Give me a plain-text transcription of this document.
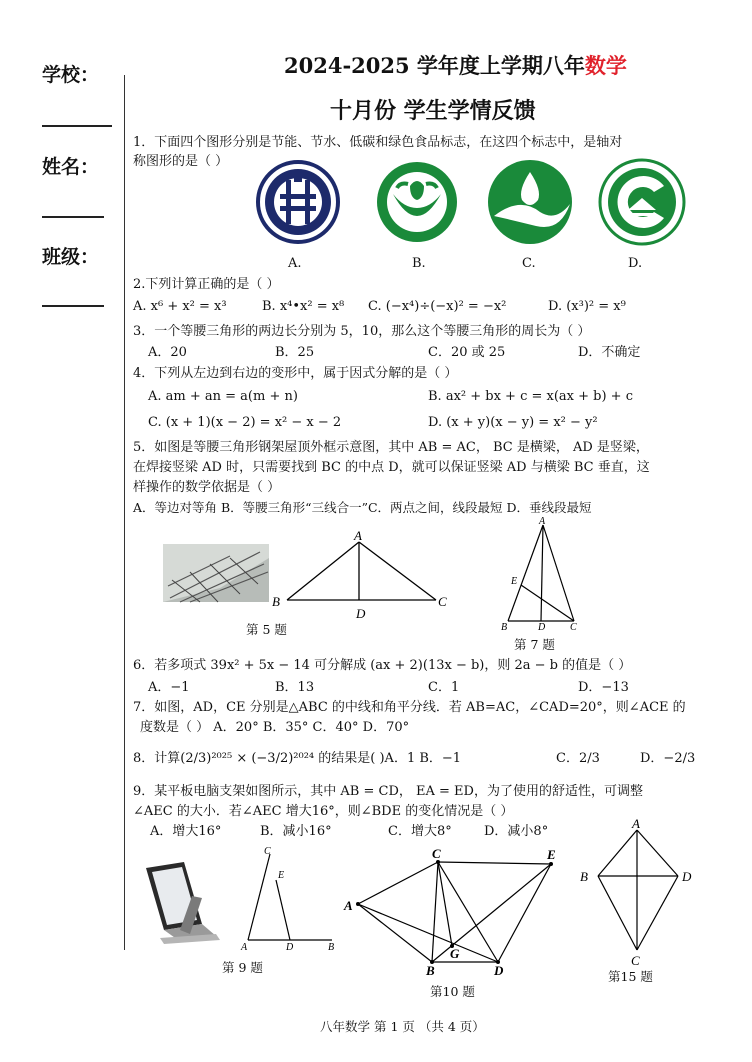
学校：
姓名：
班级：
2024-2025 学年度上学期八年数学
十月份 学生学情反馈
1．下面四个图形分别是节能、节水、低碳和绿色食品标志，在这四个标志中，是轴对
称图形的是（ ）
A.	B.	C.	D.
2.下列计算正确的是（ ）
A. x⁶ + x² = x³	B. x⁴•x² = x⁸ C. (−x⁴)÷(−x)² = −x²	D. (x³)² = x⁹
3．一个等腰三角形的两边长分别为 5，10，那么这个等腰三角形的周长为（ ）
A．20	B．25	C．20 或 25	D．不确定
4．下列从左边到右边的变形中，属于因式分解的是（ ）
A. am + an = a(m + n)	B. ax² + bx + c = x(ax + b) + c
C. (x + 1)(x − 2) = x² − x − 2	D. (x + y)(x − y) = x² − y²
5．如图是等腰三角形钢架屋顶外框示意图，其中 AB = AC， BC 是横梁， AD 是竖梁，
在焊接竖梁 AD 时，只需要找到 BC 的中点 D，就可以保证竖梁 AD 与横梁 BC 垂直，这
样操作的数学依据是（ ）
A．等边对等角 B．等腰三角形“三线合一”C．两点之间，线段最短 D．垂线段最短
A
B	C
D
第 5 题
A
E
B	D C
第 7 题
6．若多项式 39x² + 5x − 14 可分解成 (ax + 2)(13x − b)，则 2a − b 的值是（ ）
A．−1	B．13	C．1	D．−13
7．如图，AD，CE 分别是△ABC 的中线和角平分线．若 AB=AC，∠CAD=20°，则∠ACE 的
度数是（ ） A．20° B．35° C．40° D．70°
8．计算(2/3)²⁰²⁵ × (−3/2)²⁰²⁴ 的结果是( )A．1 B．−1	C．2/3	D．−2/3
9．某平板电脑支架如图所示，其中 AB = CD， EA = ED，为了使用的舒适性，可调整
∠AEC 的大小．若∠AEC 增大16°，则∠BDE 的变化情况是（ ）
A．增大16°	B．减小16°	C．增大8° D．减小8°
C
E
A	D	B
第 9 题
C	E
A
G
B	D
第10 题
A
B	D
C
第15 题
八年数学 第 1 页 （共 4 页）
